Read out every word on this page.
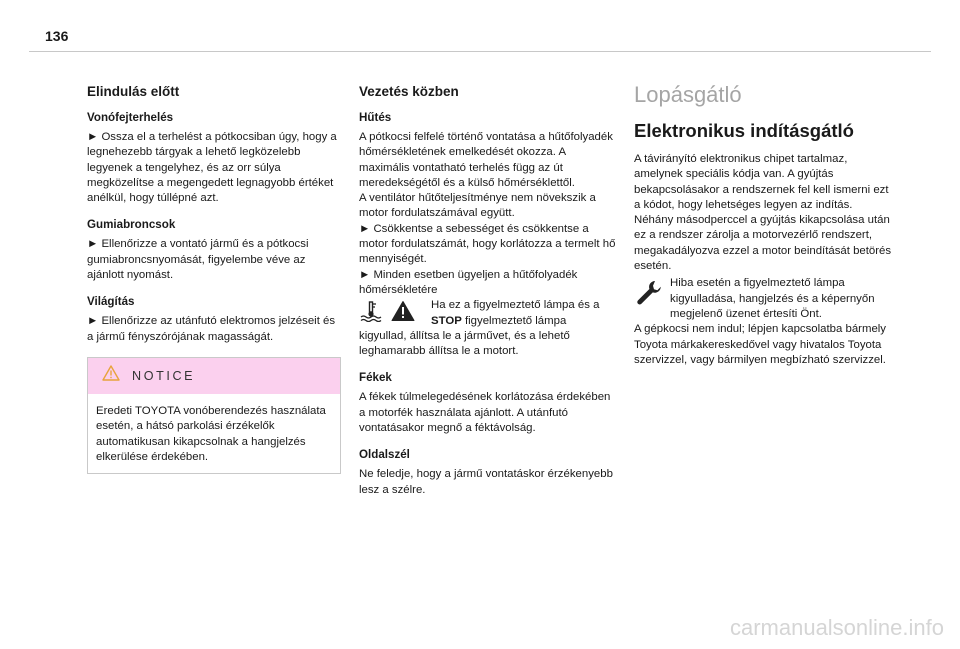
136
Elindulás előtt
Vonófejterhelés

► Ossza el a terhelést a pótkocsiban úgy, hogy a legnehezebb tárgyak a lehető legközelebb legyenek a tengelyhez, és az orr súlya megközelítse a megengedett legnagyobb értéket anélkül, hogy túllépné azt.

Gumiabroncsok

► Ellenőrizze a vontató jármű és a pótkocsi gumiabroncsnyomását, figyelembe véve az ajánlott nyomást.

Világítás

► Ellenőrizze az utánfutó elektromos jelzéseit és a jármű fényszórójának magasságát.

NOTICE
Eredeti TOYOTA vonóberendezés használata esetén, a hátsó parkolási érzékelők automatikusan kikapcsolnak a hangjelzés elkerülése érdekében.
Vezetés közben
Hűtés

A pótkocsi felfelé történő vontatása a hűtőfolyadék hőmérsékletének emelkedését okozza. A maximális vontatható terhelés függ az út meredekségétől és a külső hőmérséklettől.

A ventilátor hűtőteljesítménye nem növekszik a motor fordulatszámával együtt.

► Csökkentse a sebességet és csökkentse a motor fordulatszámát, hogy korlátozza a termelt hő mennyiségét.

► Minden esetben ügyeljen a hűtőfolyadék hőmérsékletére

Ha ez a figyelmeztető lámpa és a
STOP figyelmeztető lámpa

kigyullad, állítsa le a járművet, és a lehető leghamarabb állítsa le a motort.

Fékek

A fékek túlmelegedésének korlátozása érdekében a motorfék használata ajánlott. A utánfutó vontatásakor megnő a féktávolság.

Oldalszél

Ne feledje, hogy a jármű vontatáskor érzékenyebb lesz a szélre.

Lopásgátló
Elektronikus indításgátló

A távirányító elektronikus chipet tartalmaz, amelynek speciális kódja van. A gyújtás bekapcsolásakor a rendszernek fel kell ismerni ezt a kódot, hogy lehetséges legyen az indítás.

Néhány másodperccel a gyújtás kikapcsolása után ez a rendszer zárolja a motorvezérlő rendszert, megakadályozva ezzel a motor beindítását betörés esetén.

Hiba esetén a figyelmeztető lámpa kigyulladása, hangjelzés és a képernyőn megjelenő üzenet értesíti Önt.

A gépkocsi nem indul; lépjen kapcsolatba bármely Toyota márkakereskedővel vagy hivatalos Toyota szervizzel, vagy bármilyen megbízható szervizzel.

carmanualsonline.info
